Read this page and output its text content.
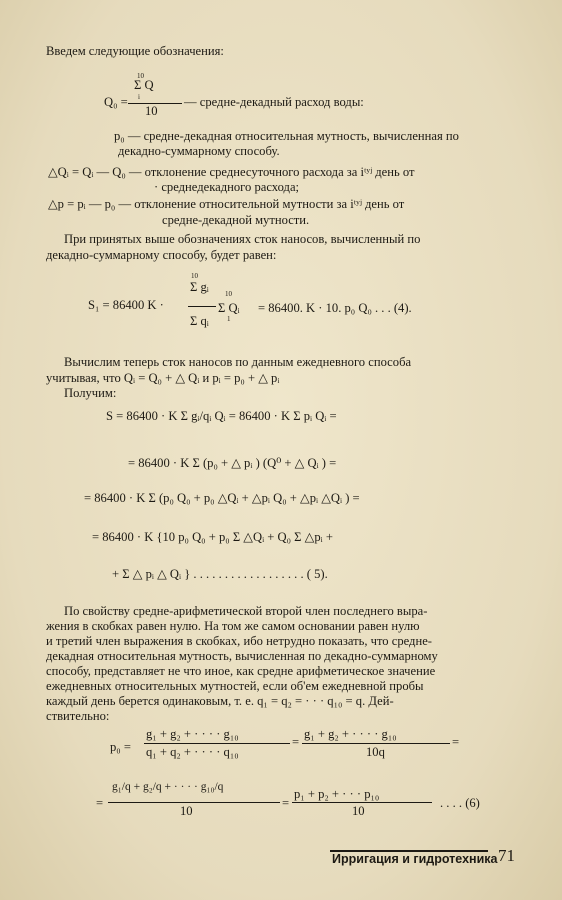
Введем следующие обозначения:
10
Σ Q
i
Q₀ =
10
— средне-декадный расход воды:
p₀ — средне-декадная относительная мутность, вычисленная по
декадно-суммарному способу.
△Qᵢ = Qᵢ — Q₀ — отклонение среднесуточного расхода за iᵗʸʲ день от
· среднедекадного расхода;
△p = pᵢ — p₀ — отклонение относительной мутности за iᵗʸʲ день от
средне-декадной мутности.
При принятых выше обозначениях сток наносов, вычисленный по
декадно-суммарному способу, будет равен:
10
Σ gᵢ
S₁ = 86400 K ·
10
Σ Qᵢ
1
Σ qᵢ
= 86400. K · 10. p₀ Q₀ . . . (4).
Вычислим теперь сток наносов по данным ежедневного способа
учитывая, что Qᵢ = Q₀ + △ Qᵢ и pᵢ = p₀ + △ pᵢ
Получим:
S = 86400 · K Σ gᵢ/qᵢ Qᵢ = 86400 · K Σ pᵢ Qᵢ =
= 86400 · K Σ (p₀ + △ pᵢ ) (Q⁰ + △ Qᵢ ) =
= 86400 · K Σ (p₀ Q₀ + p₀ △Qᵢ + △pᵢ Q₀ + △pᵢ △Qᵢ ) =
= 86400 · K {10 p₀ Q₀ + p₀ Σ △Qᵢ + Q₀ Σ △pᵢ +
+ Σ △ pᵢ △ Qᵢ } . . . . . . . . . . . . . . . . . . ( 5).
По свойству средне-арифметической второй член последнего выра-
жения в скобках равен нулю. На том же самом основании равен нулю
и третий член выражения в скобках, ибо нетрудно показать, что средне-
декадная относительная мутность, вычисленная по декадно-суммарному
способу, представляет не что иное, как средне арифметическое значение
ежедневных относительных мутностей, если об'ем ежедневной пробы
каждый день берется одинаковым, т. е. q₁ = q₂ = · · · q₁₀ = q. Дей-
ствительно:
p₀ =
g₁ + g₂ + · · · · g₁₀
q₁ + q₂ + · · · · q₁₀
=
g₁ + g₂ + · · · · g₁₀
10q
=
=
g₁/q + g₂/q + · · · · g₁₀/q
10
=
p₁ + p₂ + · · · p₁₀
10
. . . . (6)
Ирригация и гидротехника 71
